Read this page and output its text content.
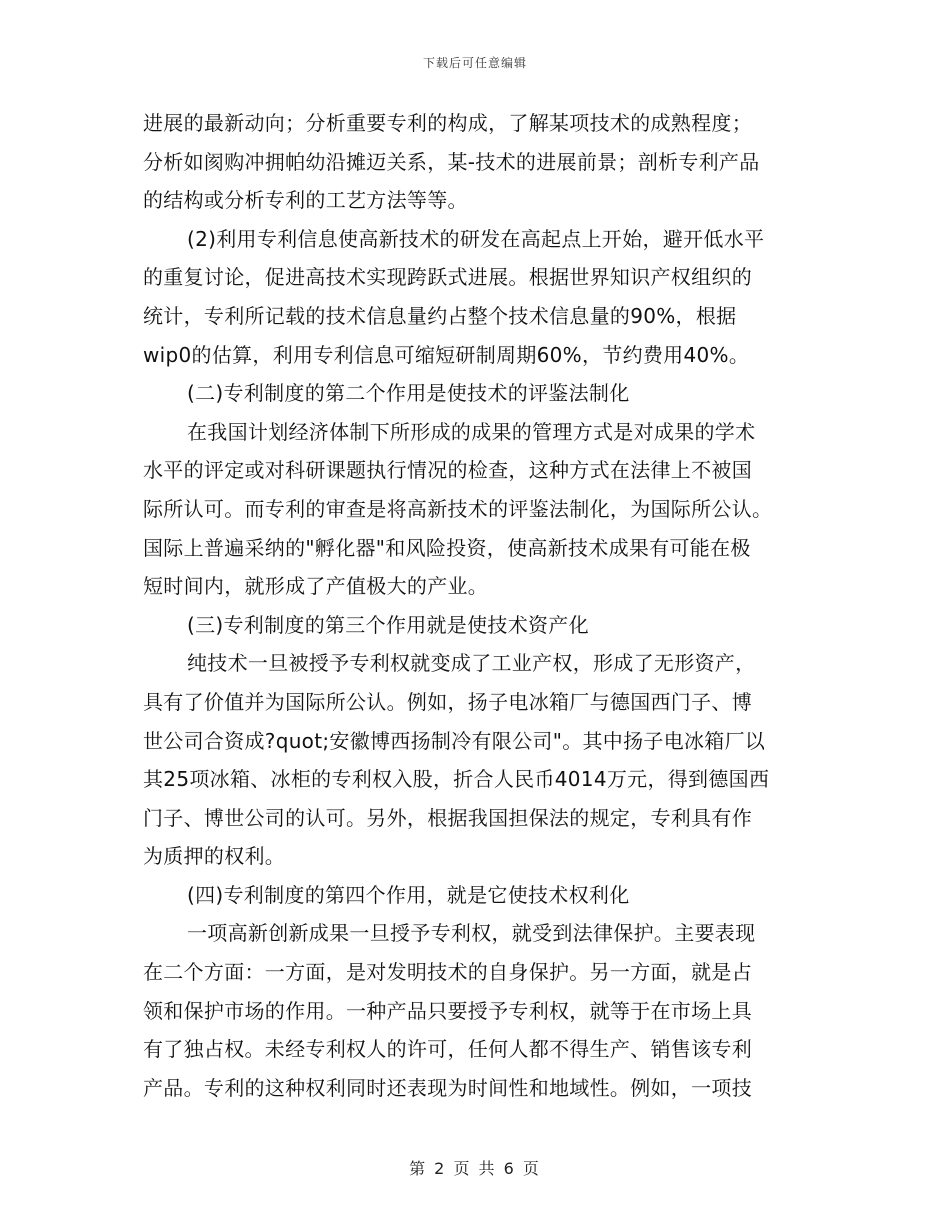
下载后可任意编辑
进展的最新动向；分析重要专利的构成，了解某项技术的成熟程度；
分析如阂购冲拥帕幼沿摊迈关系，某-技术的进展前景；剖析专利产品
的结构或分析专利的工艺方法等等。
(2)利用专利信息使高新技术的研发在高起点上开始，避开低水平
的重复讨论，促进高技术实现跨跃式进展。根据世界知识产权组织的
统计，专利所记载的技术信息量约占整个技术信息量的90%，根据
wip0的估算，利用专利信息可缩短研制周期60%，节约费用40%。
(二)专利制度的第二个作用是使技术的评鉴法制化
在我国计划经济体制下所形成的成果的管理方式是对成果的学术
水平的评定或对科研课题执行情况的检查，这种方式在法律上不被国
际所认可。而专利的审查是将高新技术的评鉴法制化，为国际所公认。
国际上普遍采纳的"孵化器"和风险投资，使高新技术成果有可能在极
短时间内，就形成了产值极大的产业。
(三)专利制度的第三个作用就是使技术资产化
纯技术一旦被授予专利权就变成了工业产权，形成了无形资产，
具有了价值并为国际所公认。例如，扬子电冰箱厂与德国西门子、博
世公司合资成?quot;安徽博西扬制冷有限公司"。其中扬子电冰箱厂以
其25项冰箱、冰柜的专利权入股，折合人民币4014万元，得到德国西
门子、博世公司的认可。另外，根据我国担保法的规定，专利具有作
为质押的权利。
(四)专利制度的第四个作用，就是它使技术权利化
一项高新创新成果一旦授予专利权，就受到法律保护。主要表现
在二个方面：一方面，是对发明技术的自身保护。另一方面，就是占
领和保护市场的作用。一种产品只要授予专利权，就等于在市场上具
有了独占权。未经专利权人的许可，任何人都不得生产、销售该专利
产品。专利的这种权利同时还表现为时间性和地域性。例如，一项技
第 2 页 共 6 页
